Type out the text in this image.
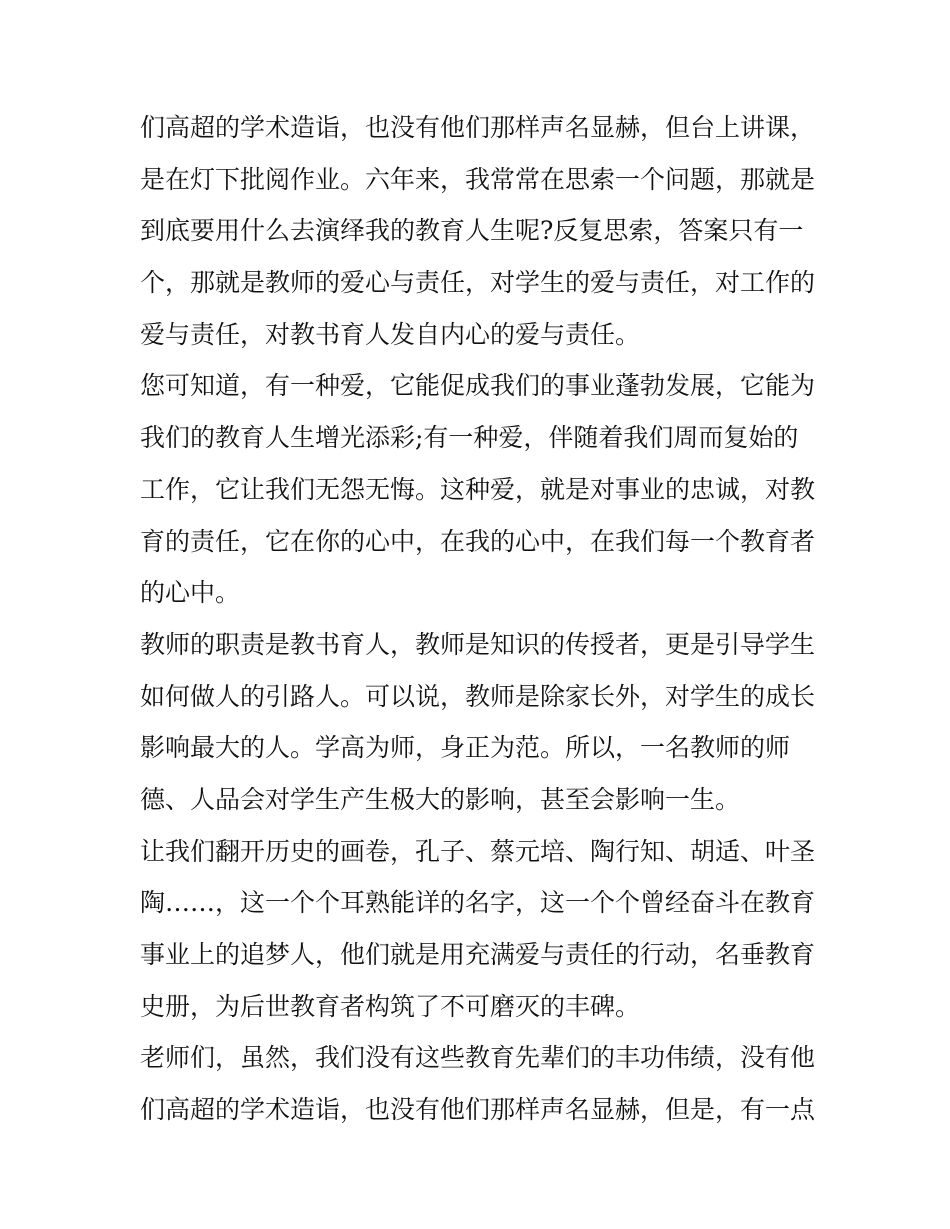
们高超的学术造诣，也没有他们那样声名显赫，但台上讲课，
是在灯下批阅作业。六年来，我常常在思索一个问题，那就是
到底要用什么去演绎我的教育人生呢?反复思索，答案只有一
个，那就是教师的爱心与责任，对学生的爱与责任，对工作的
爱与责任，对教书育人发自内心的爱与责任。
您可知道，有一种爱，它能促成我们的事业蓬勃发展，它能为
我们的教育人生增光添彩;有一种爱，伴随着我们周而复始的
工作，它让我们无怨无悔。这种爱，就是对事业的忠诚，对教
育的责任，它在你的心中，在我的心中，在我们每一个教育者
的心中。
教师的职责是教书育人，教师是知识的传授者，更是引导学生
如何做人的引路人。可以说，教师是除家长外，对学生的成长
影响最大的人。学高为师，身正为范。所以，一名教师的师
德、人品会对学生产生极大的影响，甚至会影响一生。
让我们翻开历史的画卷，孔子、蔡元培、陶行知、胡适、叶圣
陶……，这一个个耳熟能详的名字，这一个个曾经奋斗在教育
事业上的追梦人，他们就是用充满爱与责任的行动，名垂教育
史册，为后世教育者构筑了不可磨灭的丰碑。
老师们，虽然，我们没有这些教育先辈们的丰功伟绩，没有他
们高超的学术造诣，也没有他们那样声名显赫，但是，有一点
